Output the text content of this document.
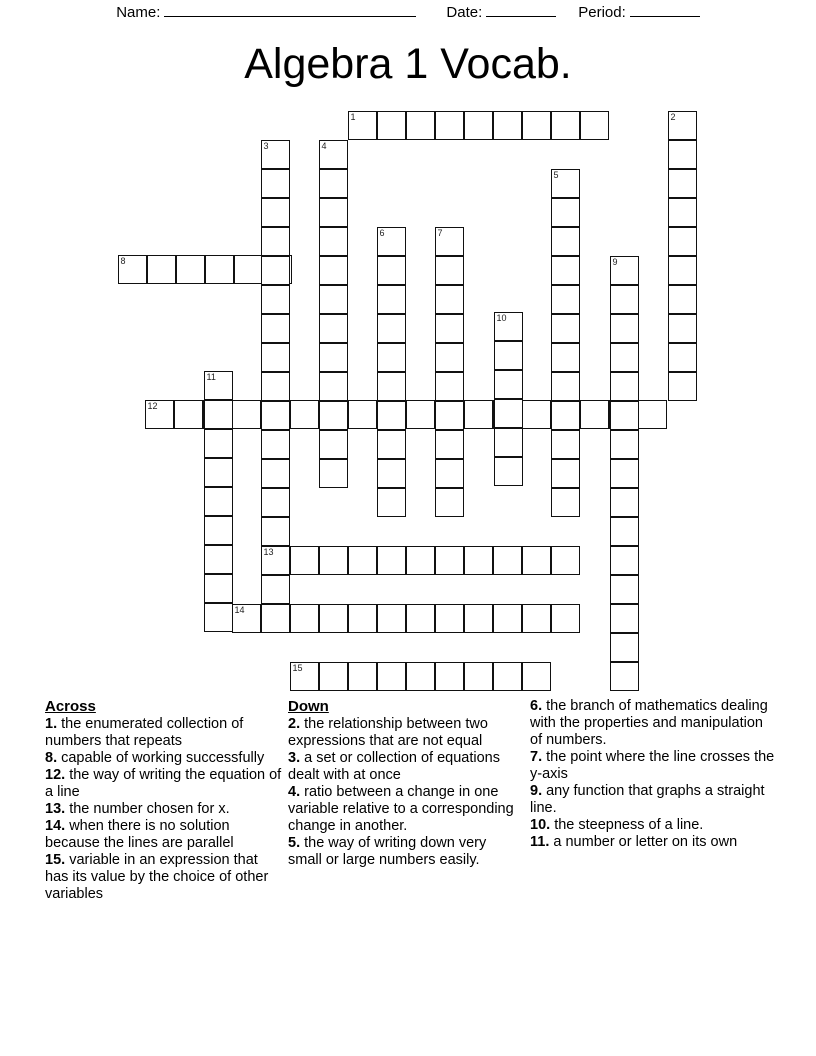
Name:	Date:	Period:
Algebra 1 Vocab.
1
8
12
13
14
15
2
3	4
5
6	7
9
10
11
Across

1. the enumerated collection of numbers that repeats

8. capable of working successfully

12. the way of writing the equation of a line

13. the number chosen for x.

14. when there is no solution because the lines are parallel

15. variable in an expression that has its value by the choice of other variables

Down

2. the relationship between two expressions that are not equal

3. a set or collection of equations dealt with at once

4. ratio between a change in one variable relative to a corresponding change in another.

5. the way of writing down very small or large numbers easily.

6. the branch of mathematics dealing with the properties and manipulation of numbers.

7. the point where the line crosses the y-axis

9. any function that graphs a straight line.

10. the steepness of a line.

11. a number or letter on its own
